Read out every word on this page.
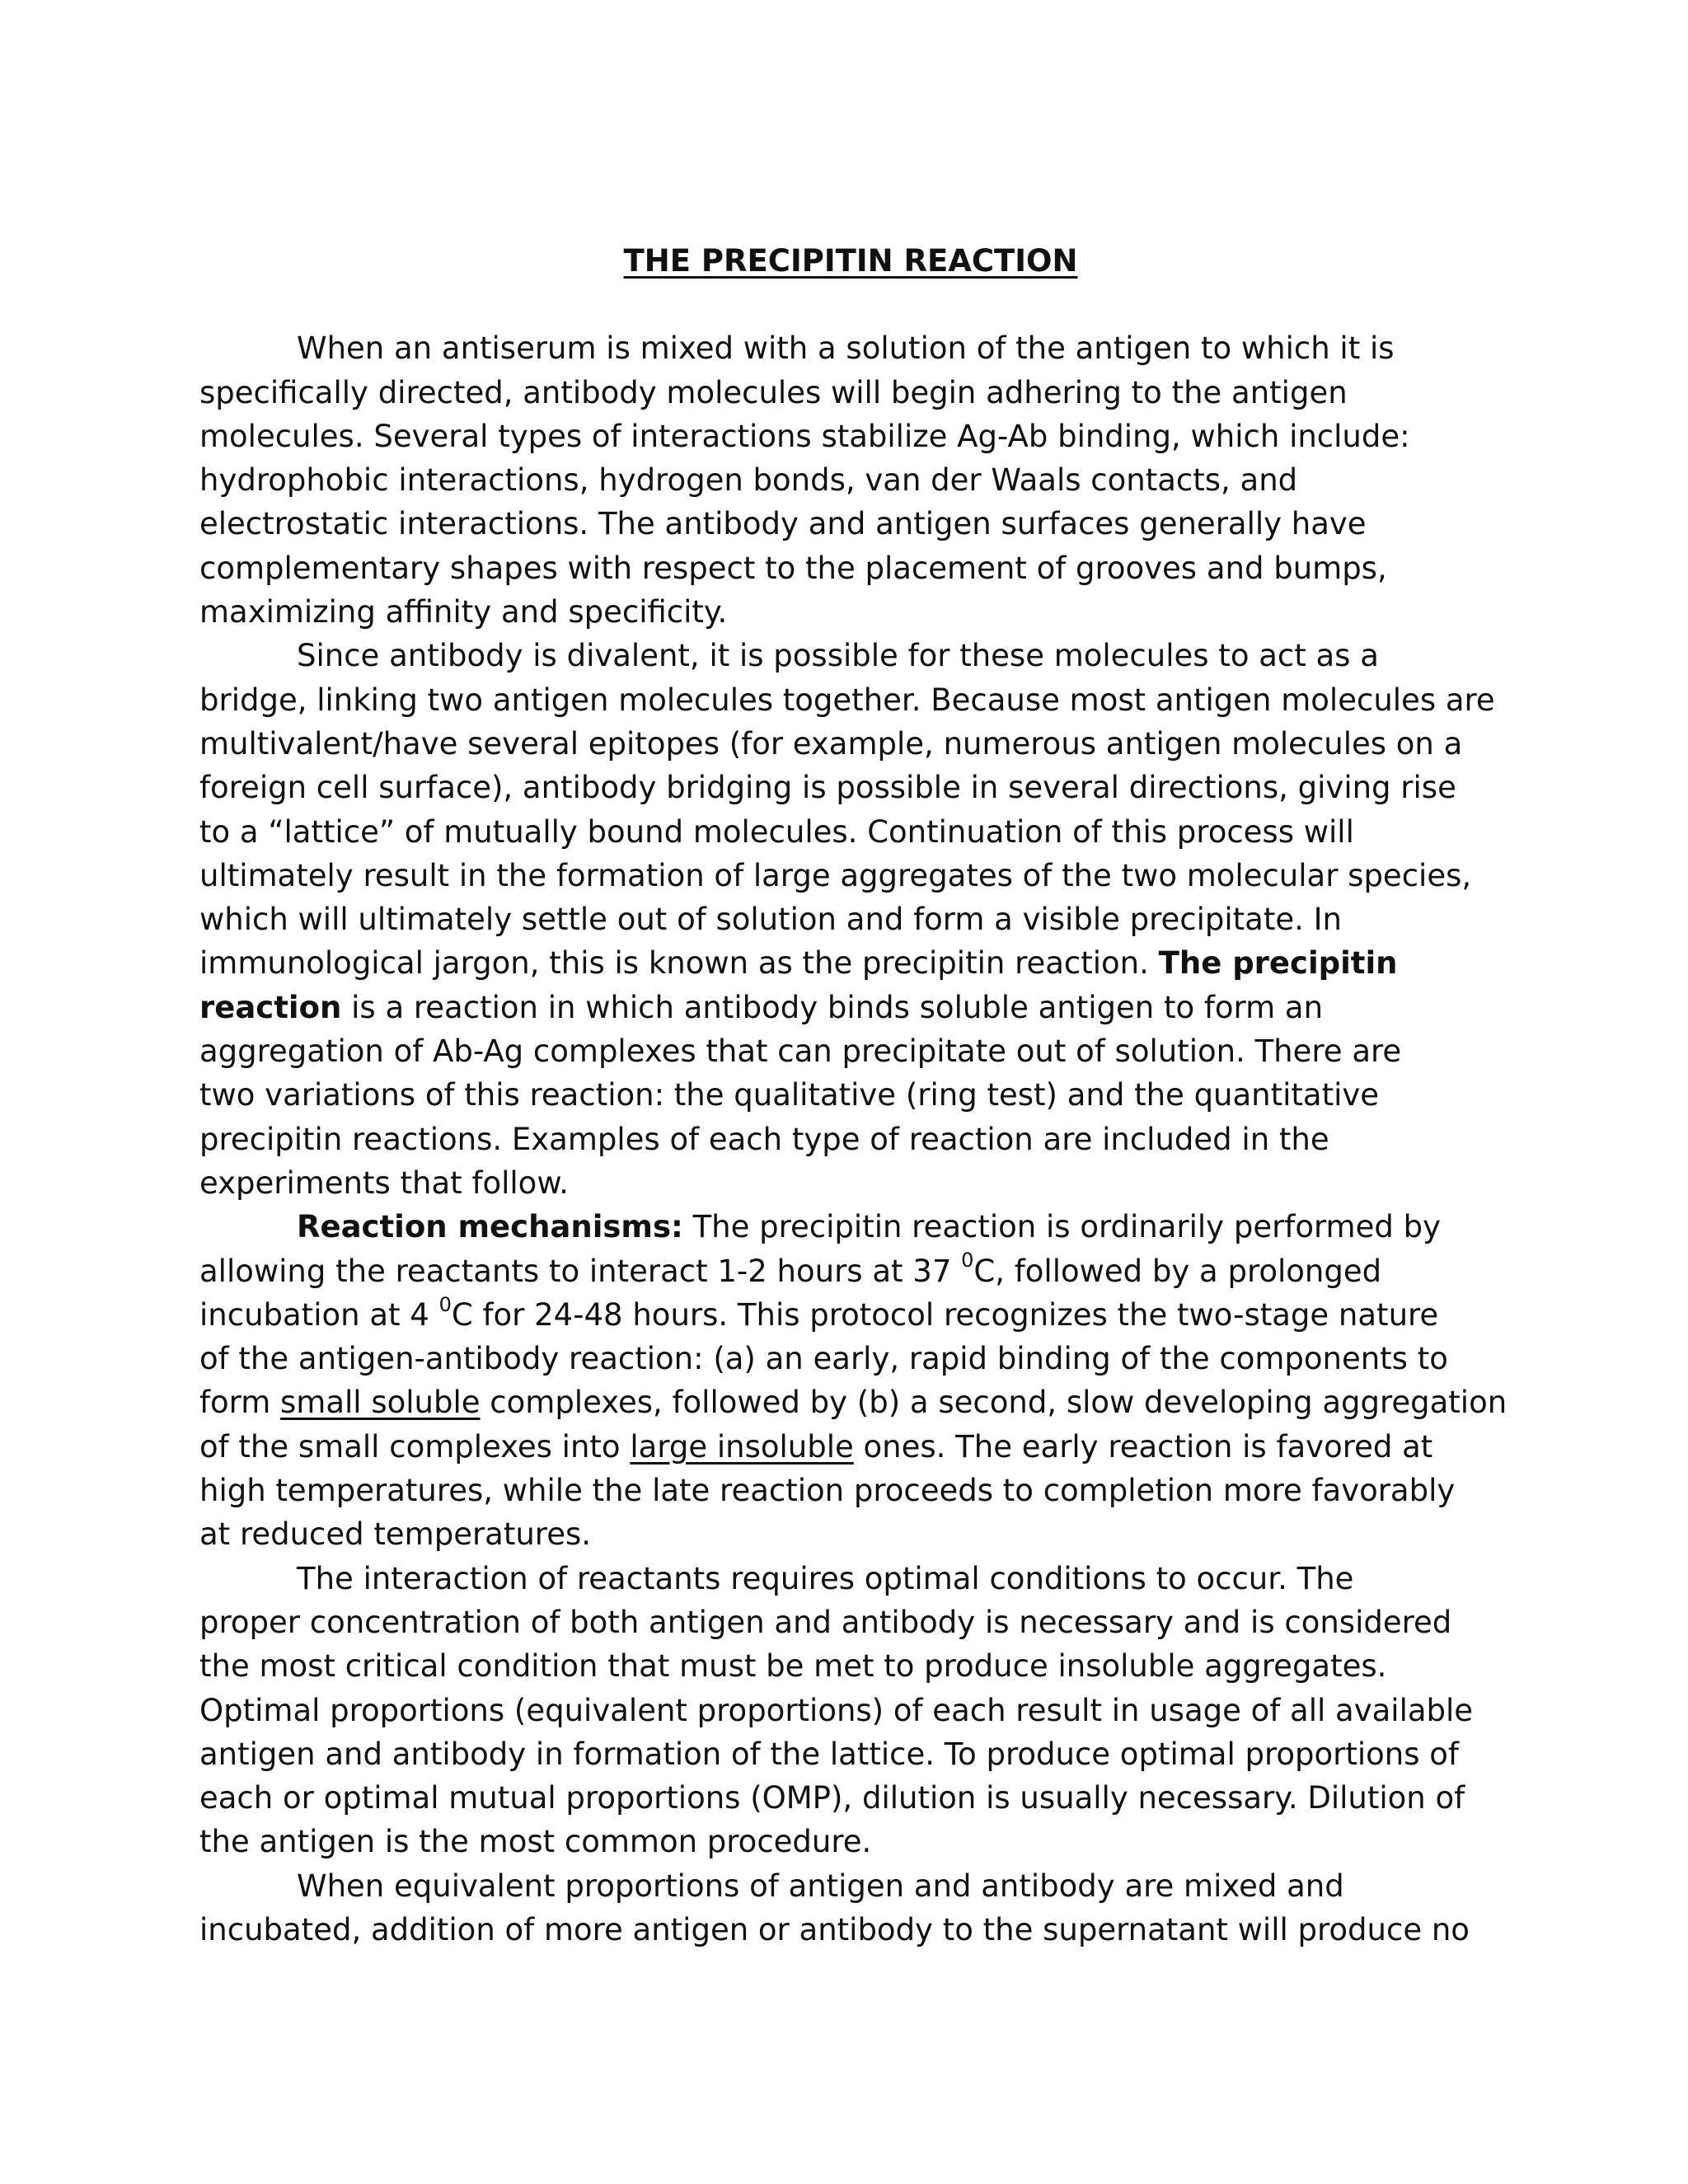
THE PRECIPITIN REACTION
When an antiserum is mixed with a solution of the antigen to which it is
specifically directed, antibody molecules will begin adhering to the antigen
molecules. Several types of interactions stabilize Ag-Ab binding, which include:
hydrophobic interactions, hydrogen bonds, van der Waals contacts, and
electrostatic interactions. The antibody and antigen surfaces generally have
complementary shapes with respect to the placement of grooves and bumps,
maximizing affinity and specificity.
Since antibody is divalent, it is possible for these molecules to act as a
bridge, linking two antigen molecules together. Because most antigen molecules are
multivalent/have several epitopes (for example, numerous antigen molecules on a
foreign cell surface), antibody bridging is possible in several directions, giving rise
to a “lattice” of mutually bound molecules. Continuation of this process will
ultimately result in the formation of large aggregates of the two molecular species,
which will ultimately settle out of solution and form a visible precipitate. In
immunological jargon, this is known as the precipitin reaction. The precipitin
reaction is a reaction in which antibody binds soluble antigen to form an
aggregation of Ab-Ag complexes that can precipitate out of solution. There are
two variations of this reaction: the qualitative (ring test) and the quantitative
precipitin reactions. Examples of each type of reaction are included in the
experiments that follow.
Reaction mechanisms: The precipitin reaction is ordinarily performed by
allowing the reactants to interact 1-2 hours at 37 $^0$C, followed by a prolonged
incubation at 4 $^0$C for 24-48 hours. This protocol recognizes the two-stage nature
of the antigen-antibody reaction: (a) an early, rapid binding of the components to
form small soluble complexes, followed by (b) a second, slow developing aggregation
of the small complexes into large insoluble ones. The early reaction is favored at
high temperatures, while the late reaction proceeds to completion more favorably
at reduced temperatures.
The interaction of reactants requires optimal conditions to occur. The
proper concentration of both antigen and antibody is necessary and is considered
the most critical condition that must be met to produce insoluble aggregates.
Optimal proportions (equivalent proportions) of each result in usage of all available
antigen and antibody in formation of the lattice. To produce optimal proportions of
each or optimal mutual proportions (OMP), dilution is usually necessary. Dilution of
the antigen is the most common procedure.
When equivalent proportions of antigen and antibody are mixed and
incubated, addition of more antigen or antibody to the supernatant will produce no
